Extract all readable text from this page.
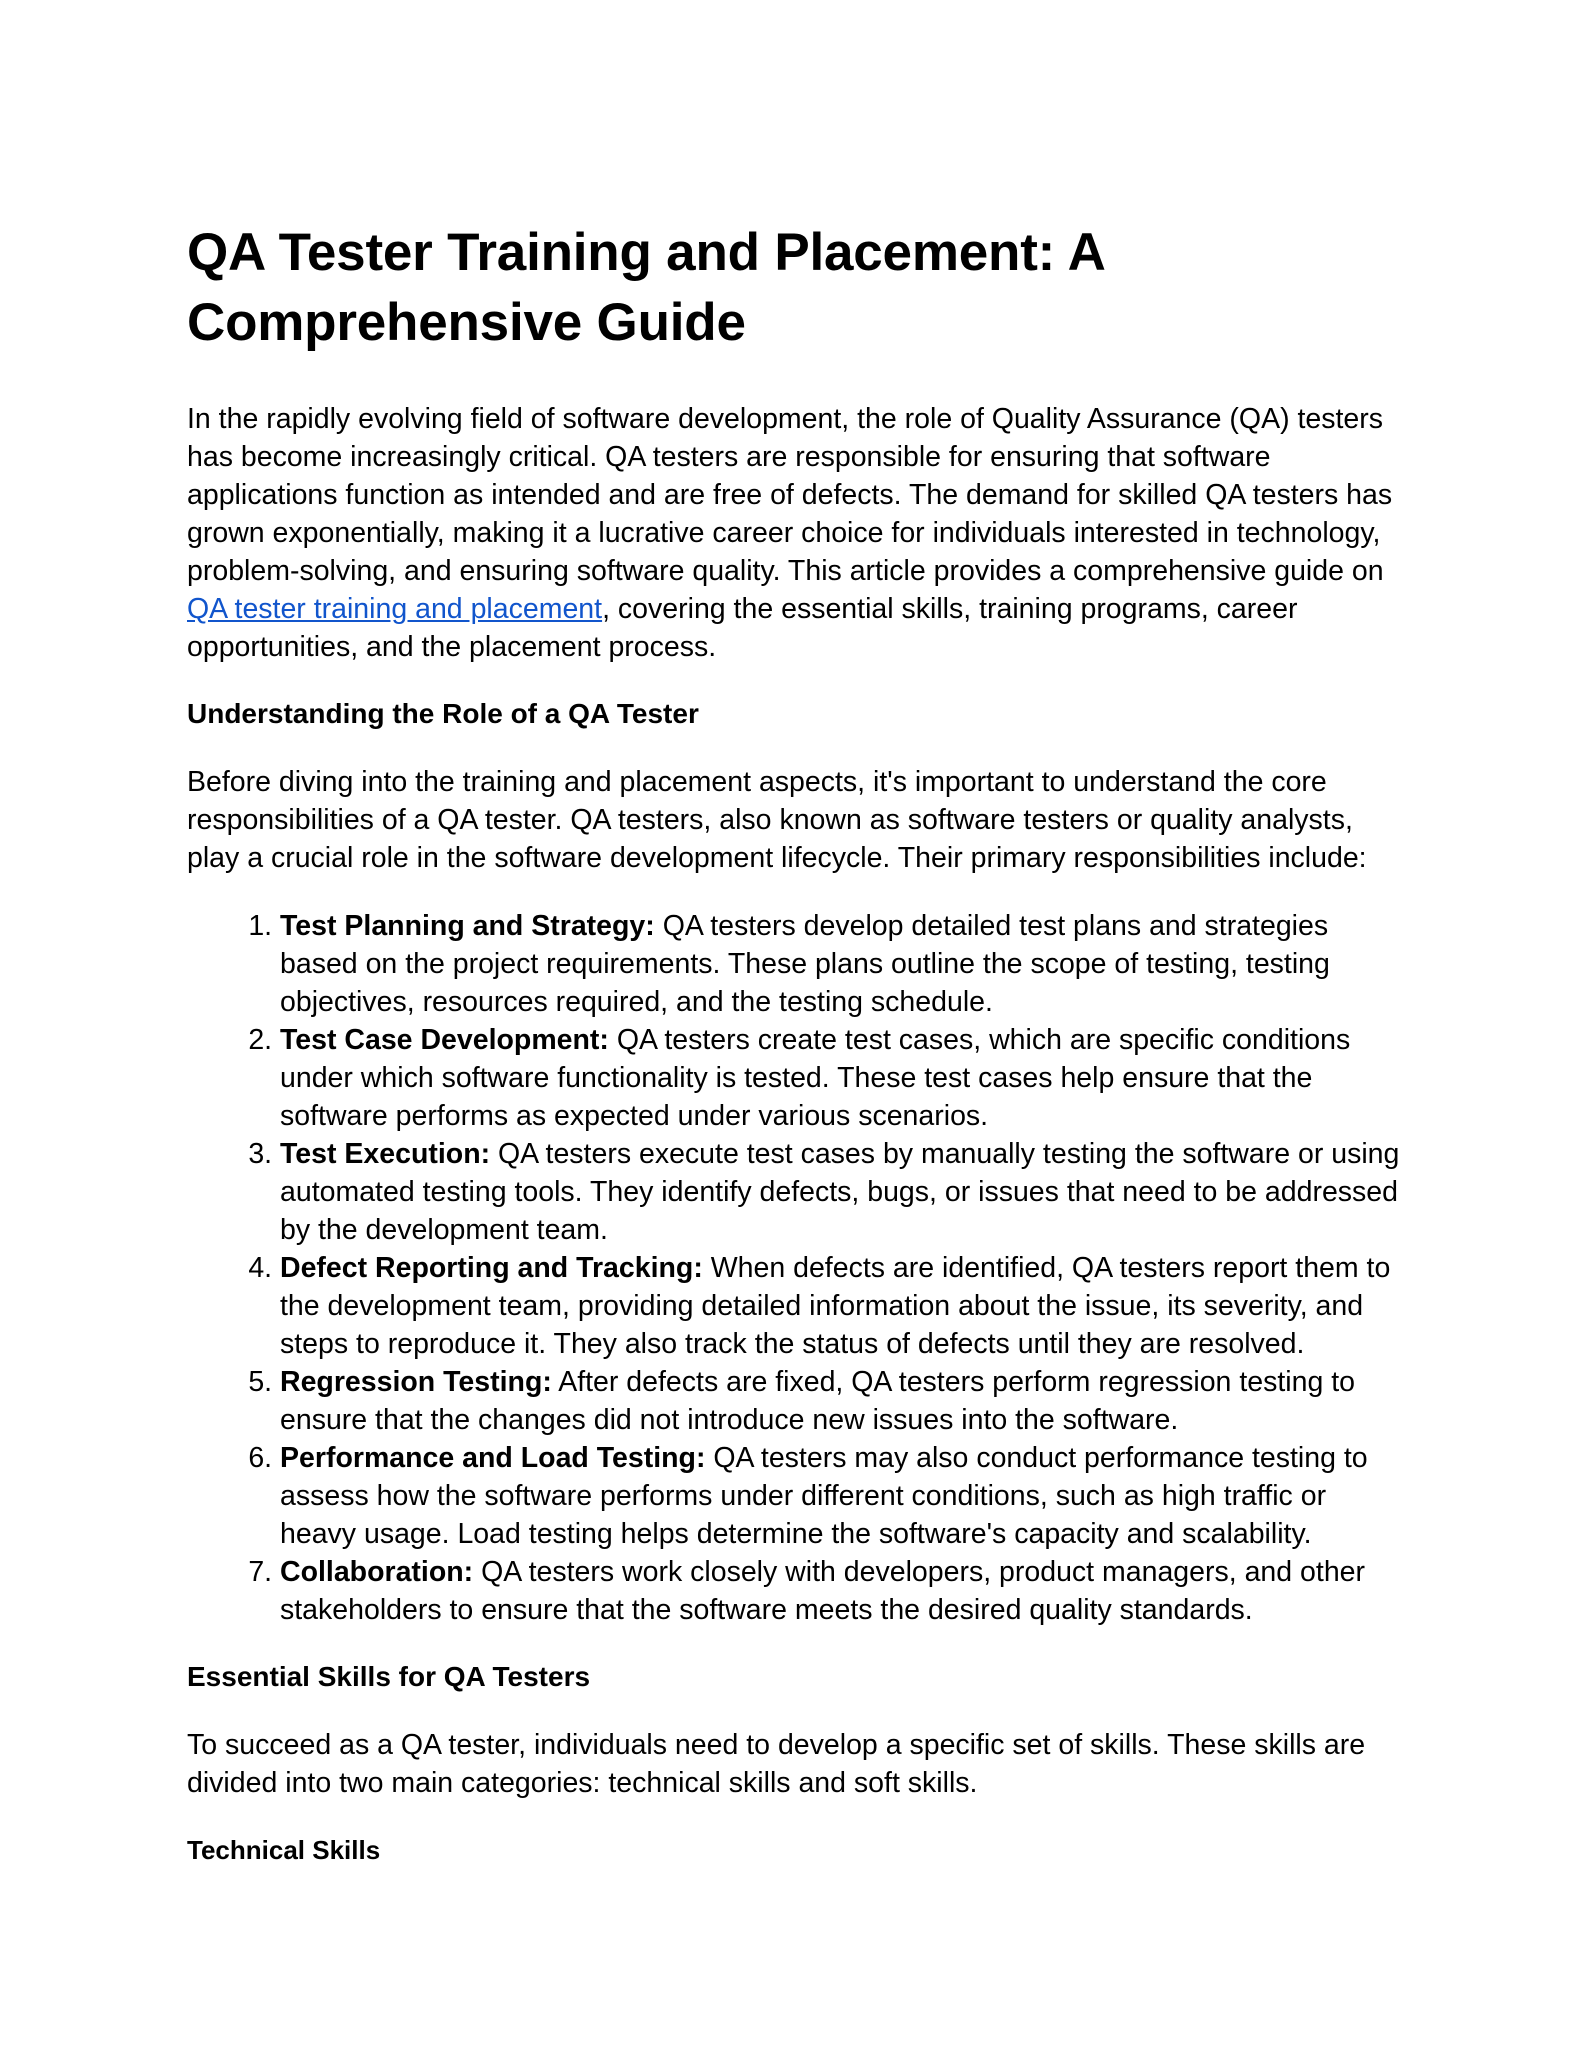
QA Tester Training and Placement: A Comprehensive Guide

In the rapidly evolving field of software development, the role of Quality Assurance (QA) testers has become increasingly critical. QA testers are responsible for ensuring that software applications function as intended and are free of defects. The demand for skilled QA testers has grown exponentially, making it a lucrative career choice for individuals interested in technology, problem-solving, and ensuring software quality. This article provides a comprehensive guide on QA tester training and placement, covering the essential skills, training programs, career opportunities, and the placement process.

Understanding the Role of a QA Tester

Before diving into the training and placement aspects, it's important to understand the core responsibilities of a QA tester. QA testers, also known as software testers or quality analysts, play a crucial role in the software development lifecycle. Their primary responsibilities include:

1. Test Planning and Strategy: QA testers develop detailed test plans and strategies based on the project requirements. These plans outline the scope of testing, testing objectives, resources required, and the testing schedule.
2. Test Case Development: QA testers create test cases, which are specific conditions under which software functionality is tested. These test cases help ensure that the software performs as expected under various scenarios.
3. Test Execution: QA testers execute test cases by manually testing the software or using automated testing tools. They identify defects, bugs, or issues that need to be addressed by the development team.
4. Defect Reporting and Tracking: When defects are identified, QA testers report them to the development team, providing detailed information about the issue, its severity, and steps to reproduce it. They also track the status of defects until they are resolved.
5. Regression Testing: After defects are fixed, QA testers perform regression testing to ensure that the changes did not introduce new issues into the software.
6. Performance and Load Testing: QA testers may also conduct performance testing to assess how the software performs under different conditions, such as high traffic or heavy usage. Load testing helps determine the software's capacity and scalability.
7. Collaboration: QA testers work closely with developers, product managers, and other stakeholders to ensure that the software meets the desired quality standards.
Essential Skills for QA Testers

To succeed as a QA tester, individuals need to develop a specific set of skills. These skills are divided into two main categories: technical skills and soft skills.

Technical Skills
